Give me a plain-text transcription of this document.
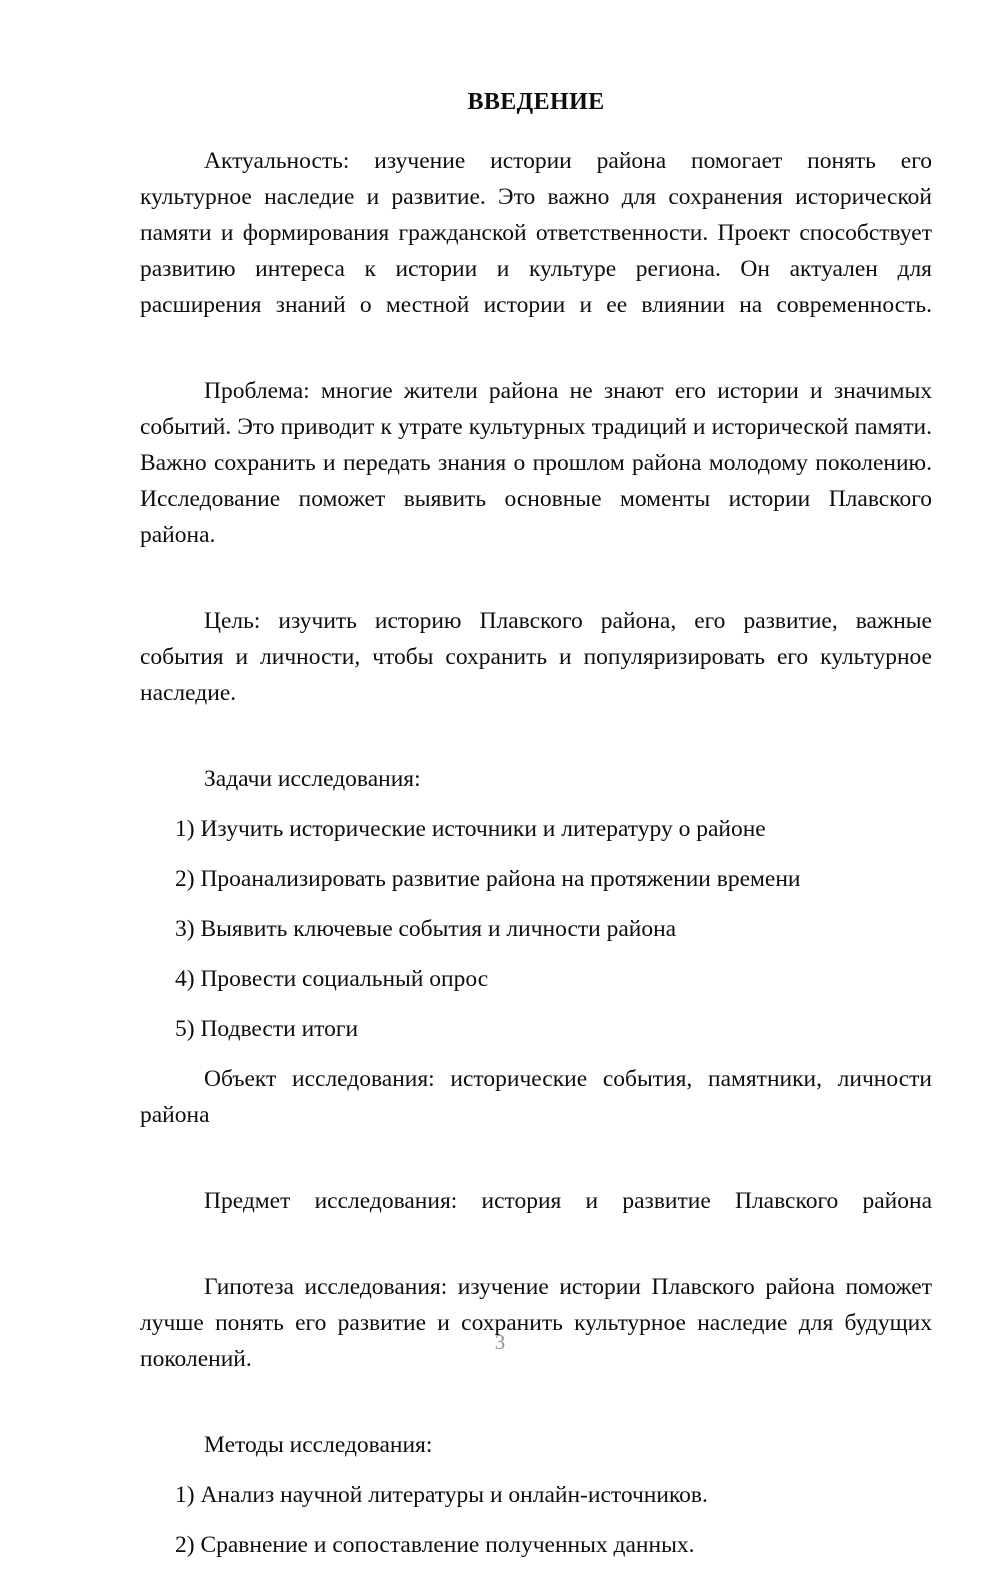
ВВЕДЕНИЕ

Актуальность: изучение истории района помогает понять его культурное наследие и развитие. Это важно для сохранения исторической памяти и формирования гражданской ответственности. Проект способствует развитию интереса к истории и культуре региона. Он актуален для расширения знаний о местной истории и ее влиянии на современность.

Проблема: многие жители района не знают его истории и значимых событий. Это приводит к утрате культурных традиций и исторической памяти. Важно сохранить и передать знания о прошлом района молодому поколению. Исследование поможет выявить основные моменты истории Плавского района.

Цель: изучить историю Плавского района, его развитие, важные события и личности, чтобы сохранить и популяризировать его культурное наследие.

Задачи исследования:

1) Изучить исторические источники и литературу о районе
2) Проанализировать развитие района на протяжении времени
3) Выявить ключевые события и личности района
4) Провести социальный опрос
5) Подвести итоги

Объект исследования: исторические события, памятники, личности района

Предмет исследования: история и развитие Плавского района

Гипотеза исследования: изучение истории Плавского района поможет лучше понять его развитие и сохранить культурное наследие для будущих поколений.

Методы исследования:

1) Анализ научной литературы и онлайн-источников.
2) Сравнение и сопоставление полученных данных.
3
